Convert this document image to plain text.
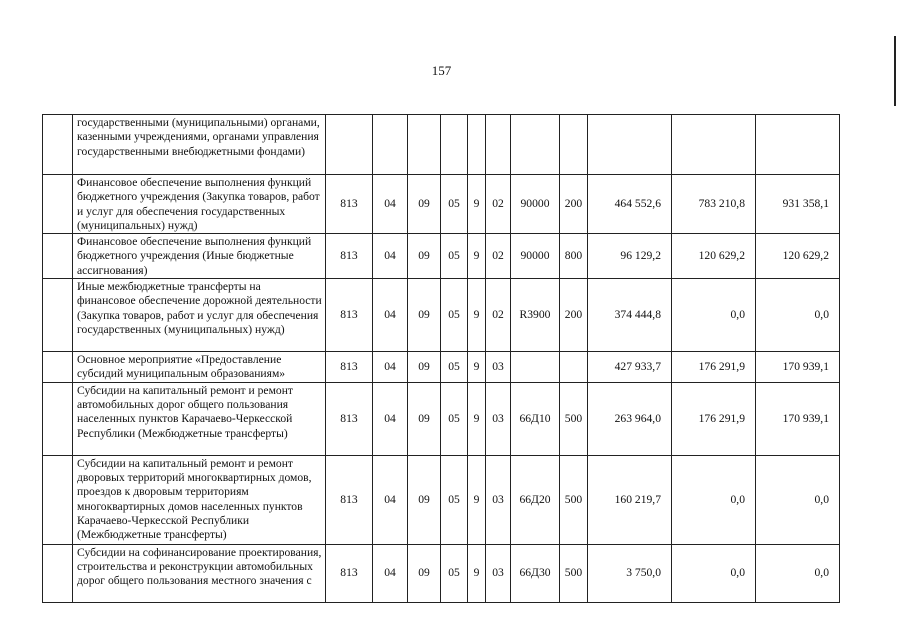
157
	государственными (муниципальными) органами, казенными учреждениями, органами управления государственными внебюджетными фондами)											
	Финансовое обеспечение выполнения функций бюджетного учреждения (Закупка товаров, работ и услуг для обеспечения государственных (муниципальных) нужд)	813	04	09	05	9	02	90000	200	464 552,6	783 210,8	931 358,1
	Финансовое обеспечение выполнения функций бюджетного учреждения (Иные бюджетные ассигнования)	813	04	09	05	9	02	90000	800	96 129,2	120 629,2	120 629,2
	Иные межбюджетные трансферты на финансовое обеспечение дорожной деятельности (Закупка товаров, работ и услуг для обеспечения государственных (муниципальных) нужд)	813	04	09	05	9	02	R3900	200	374 444,8	0,0	0,0
	Основное мероприятие «Предоставление субсидий муниципальным образованиям»	813	04	09	05	9	03			427 933,7	176 291,9	170 939,1
	Субсидии на капитальный ремонт и ремонт автомобильных дорог общего пользования населенных пунктов Карачаево-Черкесской Республики (Межбюджетные трансферты)	813	04	09	05	9	03	66Д10	500	263 964,0	176 291,9	170 939,1
	Субсидии на капитальный ремонт и ремонт дворовых территорий многоквартирных домов, проездов к дворовым территориям многоквартирных домов населенных пунктов Карачаево-Черкесской Республики (Межбюджетные трансферты)	813	04	09	05	9	03	66Д20	500	160 219,7	0,0	0,0
	Субсидии на софинансирование проектирования, строительства и реконструкции автомобильных дорог общего пользования местного значения с	813	04	09	05	9	03	66Д30	500	3 750,0	0,0	0,0
